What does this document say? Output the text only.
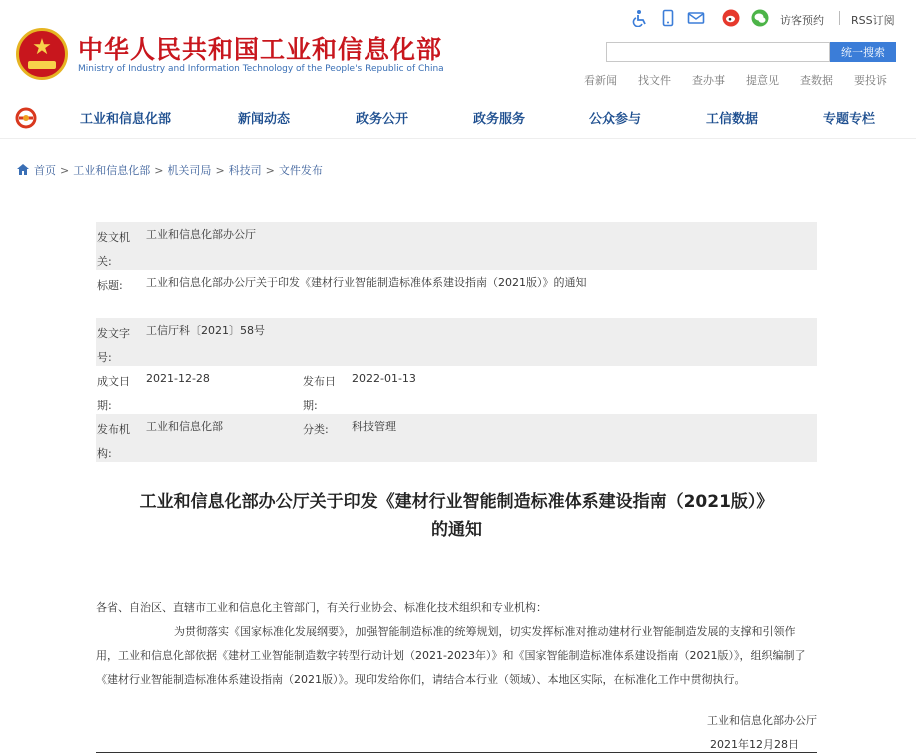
★	中华人民共和国工业和信息化部
Ministry of Industry and Information Technology of the People's Republic of China
访客预约 RSS订阅
统一搜索
看新闻 找文件 查办事 提意见 查数据 要投诉
工业和信息化部	新闻动态	政务公开	政务服务	公众参与	工信数据	专题专栏
首页 > 工业和信息化部 > 机关司局 > 科技司 > 文件发布
发文机关:
工业和信息化部办公厅
标题:	工业和信息化部办公厅关于印发《建材行业智能制造标准体系建设指南（2021版）》的通知
发文字号:
工信厅科〔2021〕58号
成文日期:
2021-12-28	发布日期:
2022-01-13
发布机构:
工业和信息化部	分类:	科技管理
工业和信息化部办公厅关于印发《建材行业智能制造标准体系建设指南（2021版）》
的通知

各省、自治区、直辖市工业和信息化主管部门，有关行业协会、标准化技术组织和专业机构：

为贯彻落实《国家标准化发展纲要》，加强智能制造标准的统筹规划，切实发挥标准对推动建材行业智能制造发展的支撑和引领作用，工业和信息化部依据《建材工业智能制造数字转型行动计划（2021-2023年）》和《国家智能制造标准体系建设指南（2021版）》，组织编制了《建材行业智能制造标准体系建设指南（2021版）》。现印发给你们，请结合本行业（领域）、本地区实际，在标准化工作中贯彻执行。

工业和信息化部办公厅
2021年12月28日
